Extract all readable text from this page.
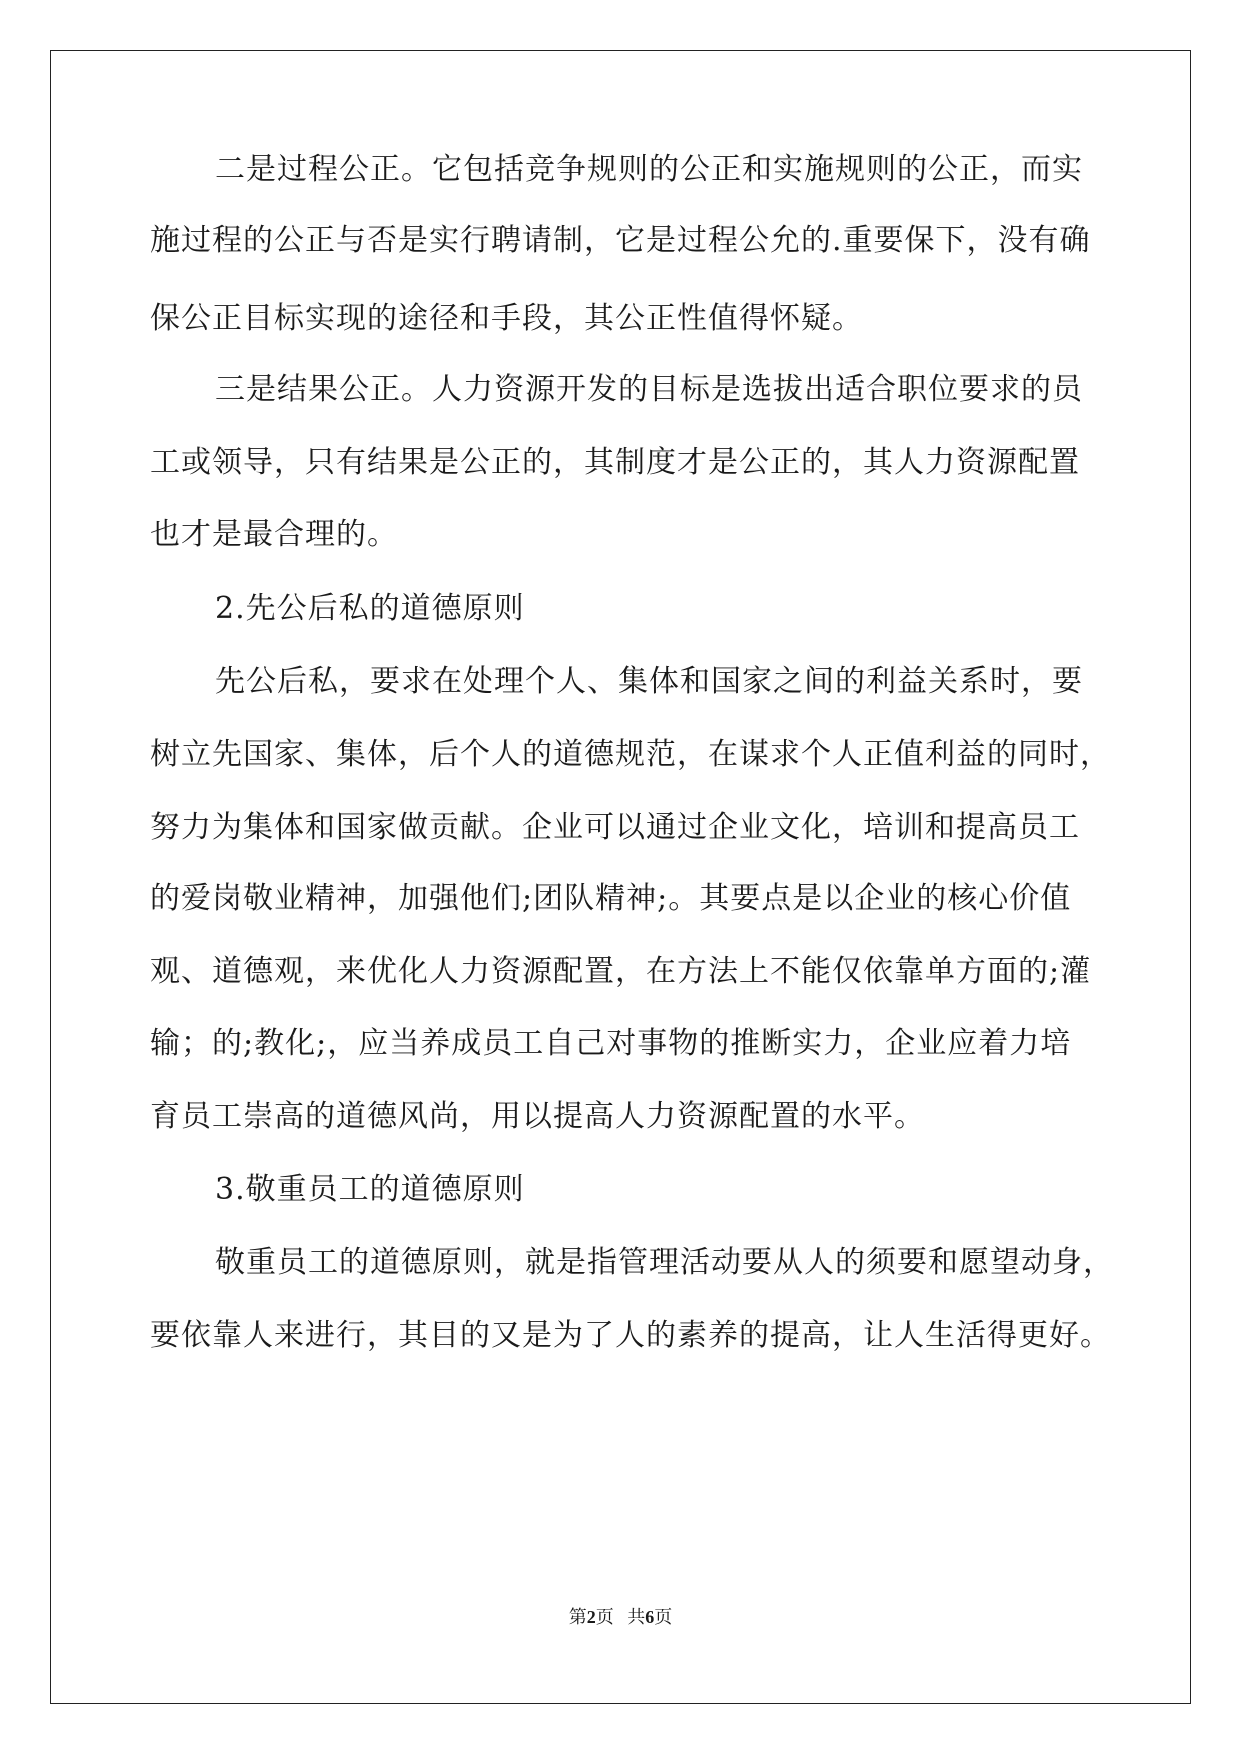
二是过程公正。它包括竞争规则的公正和实施规则的公正，而实
施过程的公正与否是实行聘请制，它是过程公允的.重要保下，没有确
保公正目标实现的途径和手段，其公正性值得怀疑。
三是结果公正。人力资源开发的目标是选拔出适合职位要求的员
工或领导，只有结果是公正的，其制度才是公正的，其人力资源配置
也才是最合理的。
2.先公后私的道德原则
先公后私，要求在处理个人、集体和国家之间的利益关系时，要
树立先国家、集体，后个人的道德规范，在谋求个人正值利益的同时，
努力为集体和国家做贡献。企业可以通过企业文化，培训和提高员工
的爱岗敬业精神，加强他们;团队精神;。其要点是以企业的核心价值
观、道德观，来优化人力资源配置，在方法上不能仅依靠单方面的;灌
输；的;教化;，应当养成员工自己对事物的推断实力，企业应着力培
育员工崇高的道德风尚，用以提高人力资源配置的水平。
3.敬重员工的道德原则
敬重员工的道德原则，就是指管理活动要从人的须要和愿望动身，
要依靠人来进行，其目的又是为了人的素养的提高，让人生活得更好。
第2页 共6页
